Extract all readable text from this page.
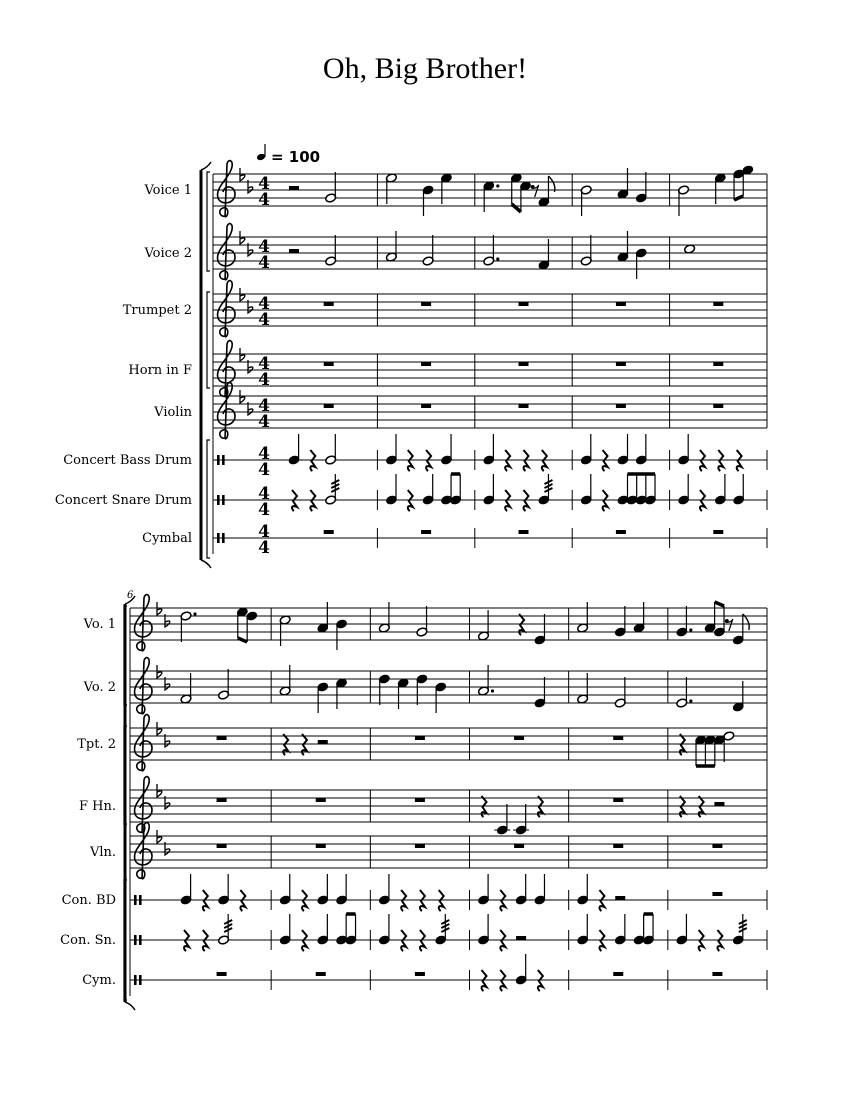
Oh, Big Brother!
= 100
Voice 1	4
4
Voice 2	4
4
Trumpet 2	4
4
Horn in F	4
4
Violin	4
4
Concert Bass Drum	4
4
Concert Snare Drum	4
4
Cymbal	4
4
6
Vo. 1
Vo. 2
Tpt. 2
F Hn.
Vln.
Con. BD
Con. Sn.
Cym.
